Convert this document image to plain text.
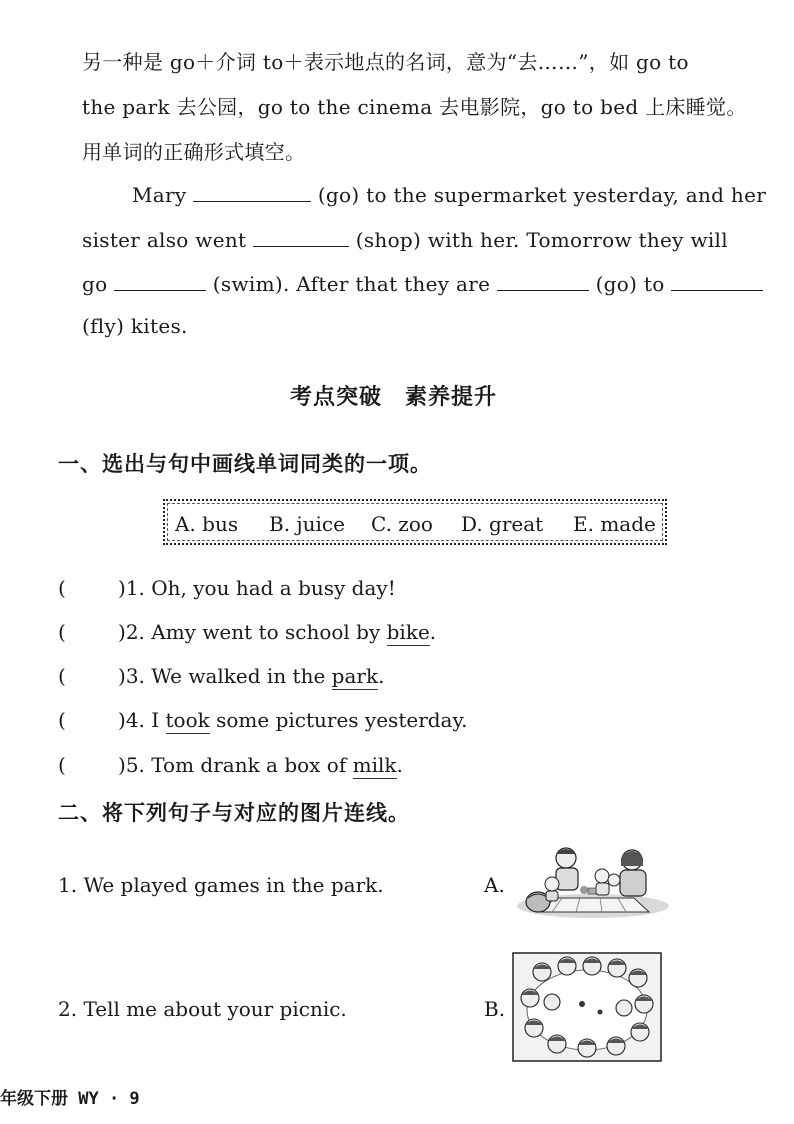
另一种是 go＋介词 to＋表示地点的名词，意为“去……”，如 go to
the park 去公园，go to the cinema 去电影院，go to bed 上床睡觉。
用单词的正确形式填空。
Mary	(go) to the supermarket yesterday, and her
sister also went	(shop) with her. Tomorrow they will
go	(swim). After that they are	(go) to
(fly) kites.
考点突破　素养提升
一、选出与句中画线单词同类的一项。
A. bus B. juice C. zoo D. great E. made
(	)1. Oh, you had a busy day!
(	)2. Amy went to school by bike.
(	)3. We walked in the park.
(	)4. I took some pictures yesterday.
(	)5. Tom drank a box of milk.
二、将下列句子与对应的图片连线。
1. We played games in the park.	A.
2. Tell me about your picnic.	B.
年级下册 WY · 9
